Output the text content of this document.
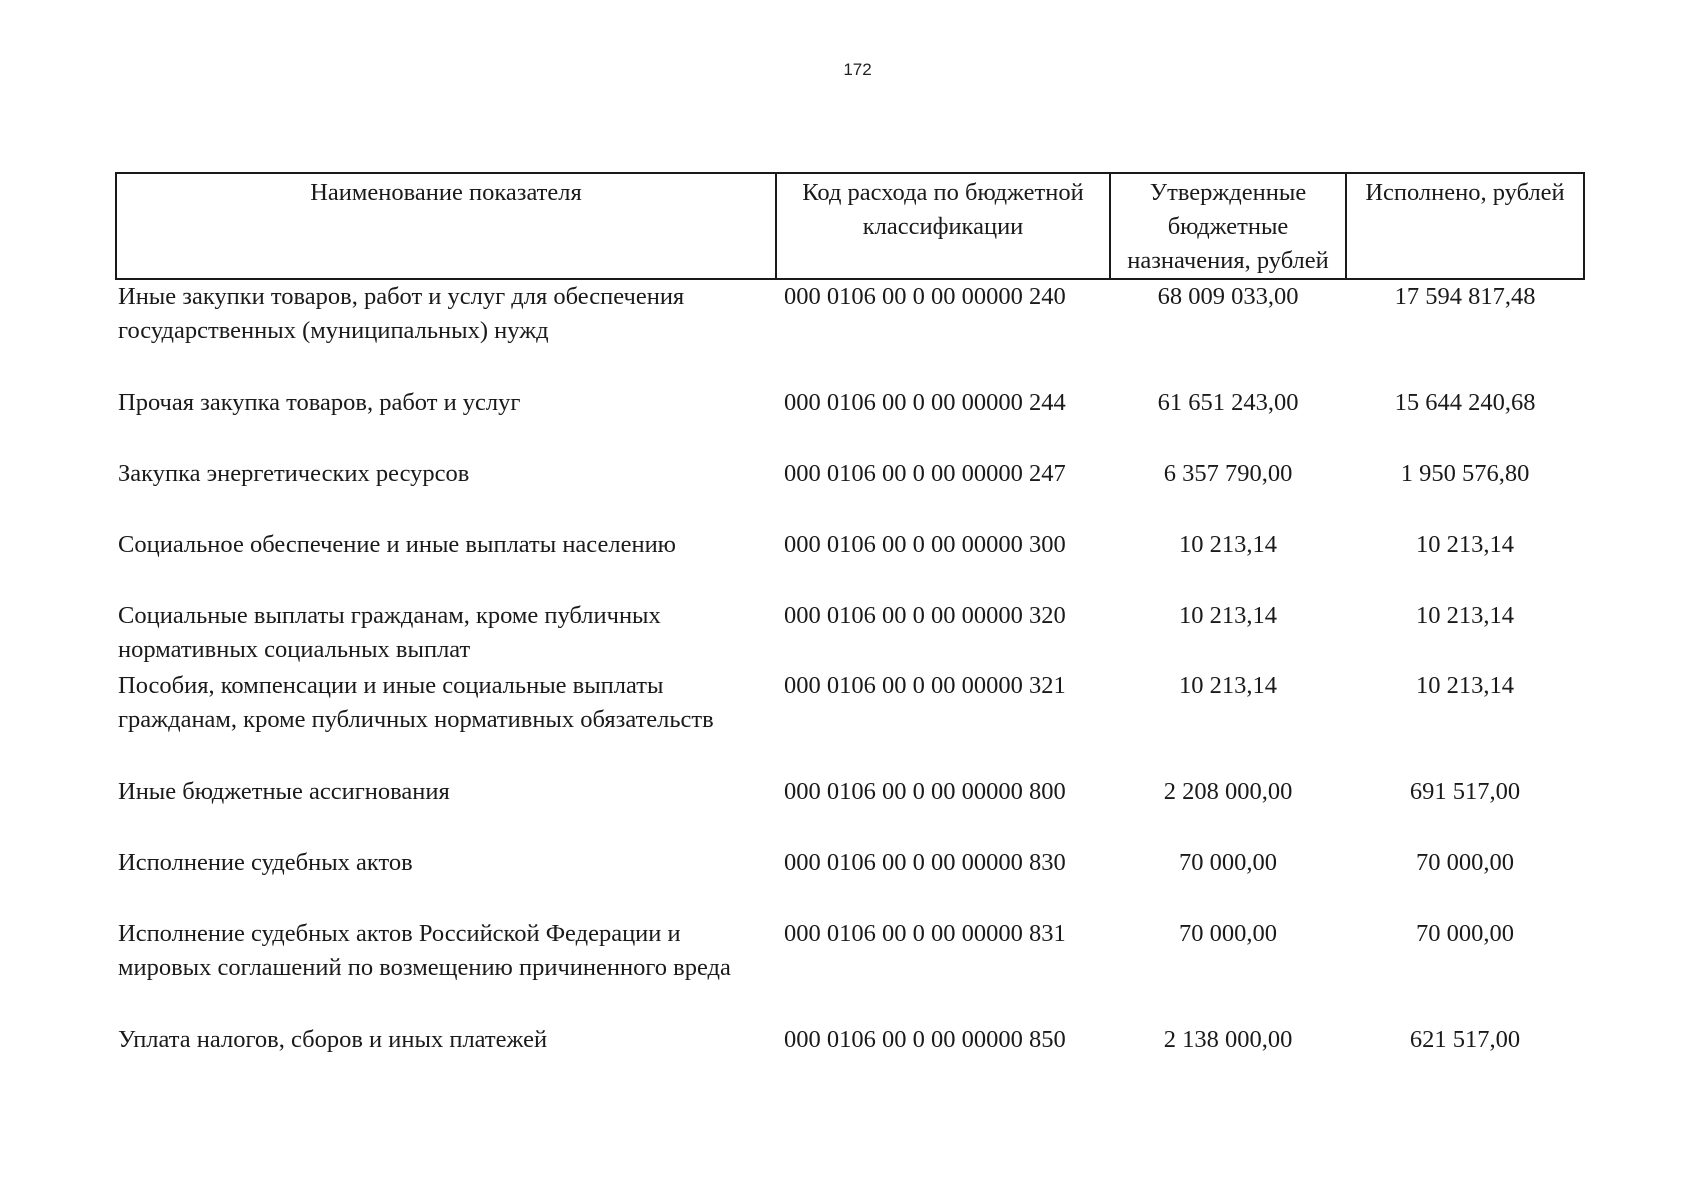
172
Наименование показателя	Код расхода по бюджетной классификации	Утвержденные бюджетные назначения, рублей	Исполнено, рублей
Иные закупки товаров, работ и услуг для обеспечения государственных (муниципальных) нужд	000 0106 00 0 00 00000 240	68 009 033,00	17 594 817,48
Прочая закупка товаров, работ и услуг	000 0106 00 0 00 00000 244	61 651 243,00	15 644 240,68
Закупка энергетических ресурсов	000 0106 00 0 00 00000 247	6 357 790,00	1 950 576,80
Социальное обеспечение и иные выплаты населению	000 0106 00 0 00 00000 300	10 213,14	10 213,14
Социальные выплаты гражданам, кроме публичных нормативных социальных выплат	000 0106 00 0 00 00000 320	10 213,14	10 213,14
Пособия, компенсации и иные социальные выплаты гражданам, кроме публичных нормативных обязательств	000 0106 00 0 00 00000 321	10 213,14	10 213,14
Иные бюджетные ассигнования	000 0106 00 0 00 00000 800	2 208 000,00	691 517,00
Исполнение судебных актов	000 0106 00 0 00 00000 830	70 000,00	70 000,00
Исполнение судебных актов Российской Федерации и мировых соглашений по возмещению причиненного вреда	000 0106 00 0 00 00000 831	70 000,00	70 000,00
Уплата налогов, сборов и иных платежей	000 0106 00 0 00 00000 850	2 138 000,00	621 517,00
